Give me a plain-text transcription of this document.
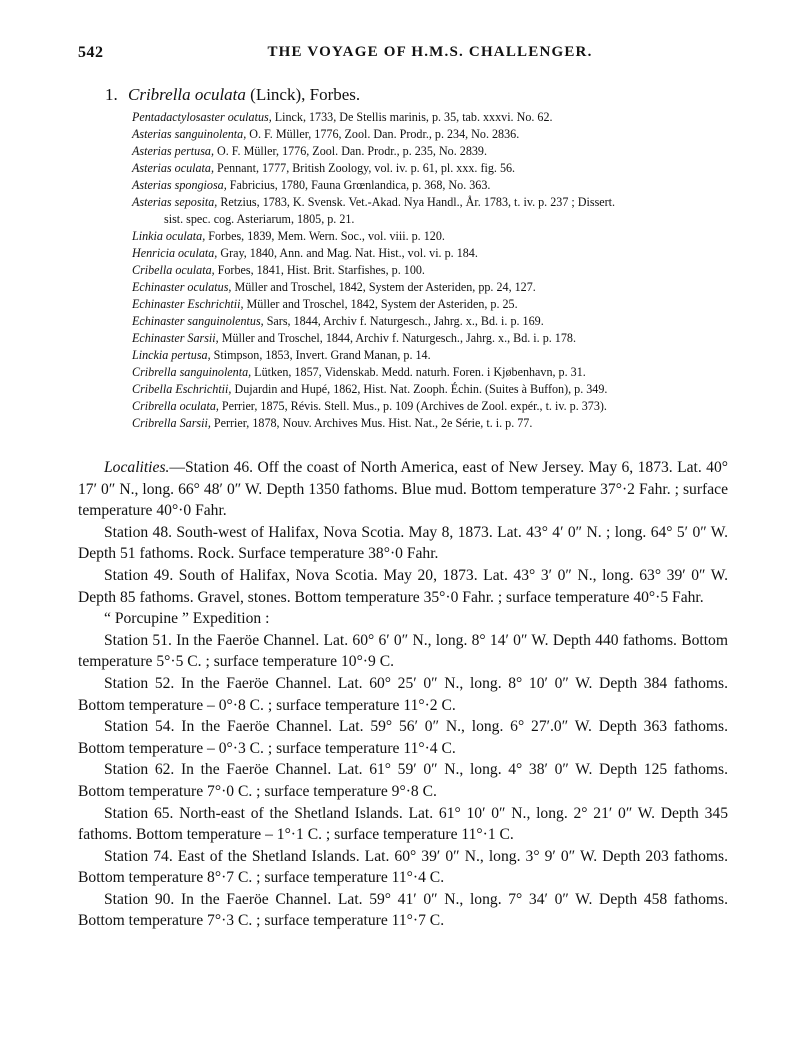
542	THE VOYAGE OF H.M.S. CHALLENGER.
1. Cribrella oculata (Linck), Forbes.
Pentadactylosaster oculatus, Linck, 1733, De Stellis marinis, p. 35, tab. xxxvi. No. 62.
Asterias sanguinolenta, O. F. Müller, 1776, Zool. Dan. Prodr., p. 234, No. 2836.
Asterias pertusa, O. F. Müller, 1776, Zool. Dan. Prodr., p. 235, No. 2839.
Asterias oculata, Pennant, 1777, British Zoology, vol. iv. p. 61, pl. xxx. fig. 56.
Asterias spongiosa, Fabricius, 1780, Fauna Grœnlandica, p. 368, No. 363.
Asterias seposita, Retzius, 1783, K. Svensk. Vet.-Akad. Nya Handl., År. 1783, t. iv. p. 237 ; Dissert.
sist. spec. cog. Asteriarum, 1805, p. 21.
Linkia oculata, Forbes, 1839, Mem. Wern. Soc., vol. viii. p. 120.
Henricia oculata, Gray, 1840, Ann. and Mag. Nat. Hist., vol. vi. p. 184.
Cribella oculata, Forbes, 1841, Hist. Brit. Starfishes, p. 100.
Echinaster oculatus, Müller and Troschel, 1842, System der Asteriden, pp. 24, 127.
Echinaster Eschrichtii, Müller and Troschel, 1842, System der Asteriden, p. 25.
Echinaster sanguinolentus, Sars, 1844, Archiv f. Naturgesch., Jahrg. x., Bd. i. p. 169.
Echinaster Sarsii, Müller and Troschel, 1844, Archiv f. Naturgesch., Jahrg. x., Bd. i. p. 178.
Linckia pertusa, Stimpson, 1853, Invert. Grand Manan, p. 14.
Cribrella sanguinolenta, Lütken, 1857, Videnskab. Medd. naturh. Foren. i Kjøbenhavn, p. 31.
Cribella Eschrichtii, Dujardin and Hupé, 1862, Hist. Nat. Zooph. Échin. (Suites à Buffon), p. 349.
Cribrella oculata, Perrier, 1875, Révis. Stell. Mus., p. 109 (Archives de Zool. expér., t. iv. p. 373).
Cribrella Sarsii, Perrier, 1878, Nouv. Archives Mus. Hist. Nat., 2e Série, t. i. p. 77.

Localities.—Station 46. Off the coast of North America, east of New Jersey. May 6, 1873. Lat. 40° 17′ 0″ N., long. 66° 48′ 0″ W. Depth 1350 fathoms. Blue mud. Bottom temperature 37°·2 Fahr. ; surface temperature 40°·0 Fahr.

Station 48. South-west of Halifax, Nova Scotia. May 8, 1873. Lat. 43° 4′ 0″ N. ; long. 64° 5′ 0″ W. Depth 51 fathoms. Rock. Surface temperature 38°·0 Fahr.

Station 49. South of Halifax, Nova Scotia. May 20, 1873. Lat. 43° 3′ 0″ N., long. 63° 39′ 0″ W. Depth 85 fathoms. Gravel, stones. Bottom temperature 35°·0 Fahr. ; surface temperature 40°·5 Fahr.

“ Porcupine ” Expedition :

Station 51. In the Faeröe Channel. Lat. 60° 6′ 0″ N., long. 8° 14′ 0″ W. Depth 440 fathoms. Bottom temperature 5°·5 C. ; surface temperature 10°·9 C.

Station 52. In the Faeröe Channel. Lat. 60° 25′ 0″ N., long. 8° 10′ 0″ W. Depth 384 fathoms. Bottom temperature – 0°·8 C. ; surface temperature 11°·2 C.

Station 54. In the Faeröe Channel. Lat. 59° 56′ 0″ N., long. 6° 27′.0″ W. Depth 363 fathoms. Bottom temperature – 0°·3 C. ; surface temperature 11°·4 C.

Station 62. In the Faeröe Channel. Lat. 61° 59′ 0″ N., long. 4° 38′ 0″ W. Depth 125 fathoms. Bottom temperature 7°·0 C. ; surface temperature 9°·8 C.

Station 65. North-east of the Shetland Islands. Lat. 61° 10′ 0″ N., long. 2° 21′ 0″ W. Depth 345 fathoms. Bottom temperature – 1°·1 C. ; surface temperature 11°·1 C.

Station 74. East of the Shetland Islands. Lat. 60° 39′ 0″ N., long. 3° 9′ 0″ W. Depth 203 fathoms. Bottom temperature 8°·7 C. ; surface temperature 11°·4 C.

Station 90. In the Faeröe Channel. Lat. 59° 41′ 0″ N., long. 7° 34′ 0″ W. Depth 458 fathoms. Bottom temperature 7°·3 C. ; surface temperature 11°·7 C.
